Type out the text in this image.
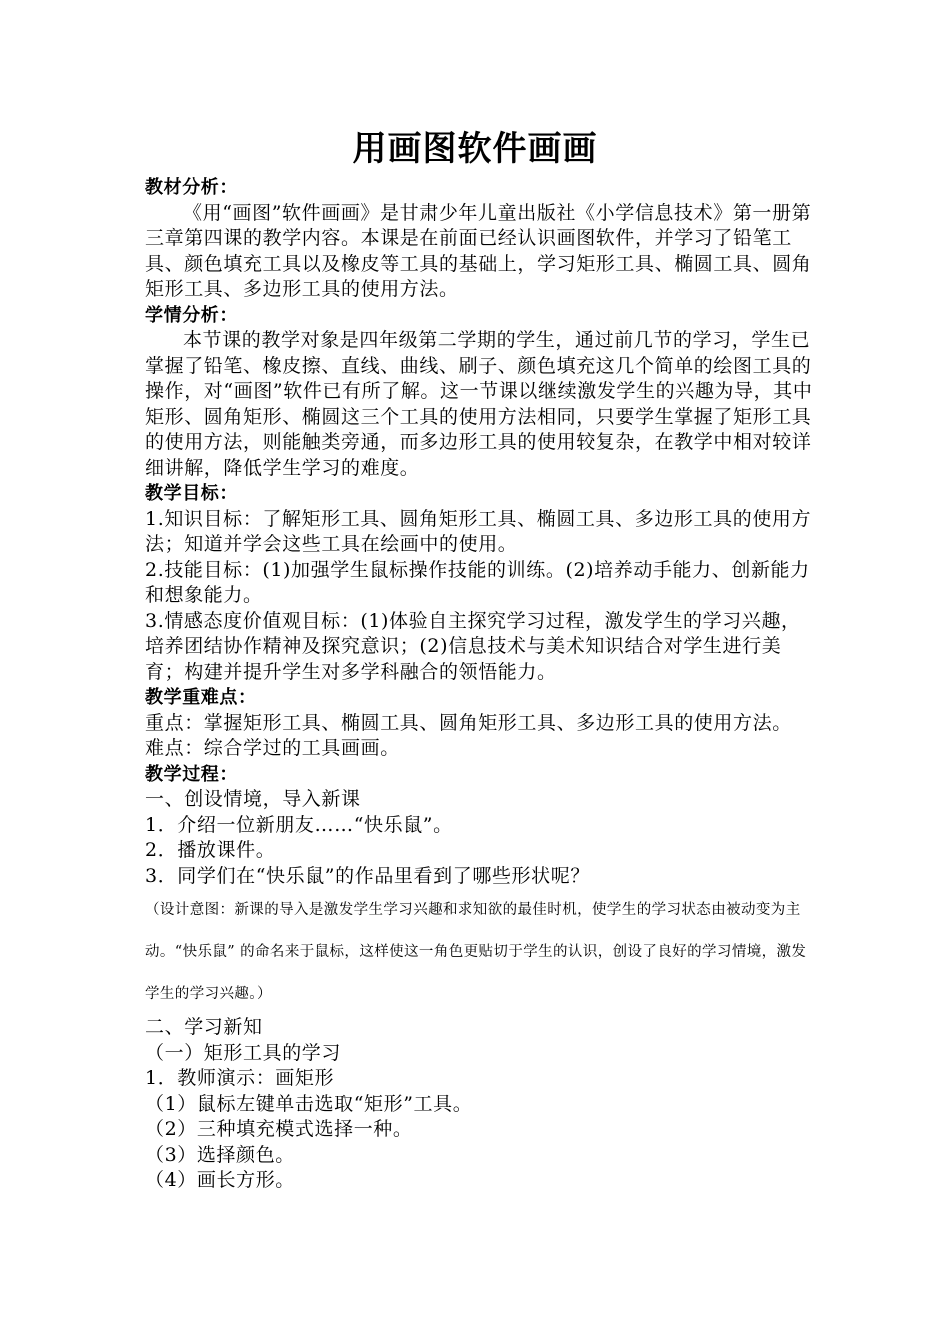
用画图软件画画

教材分析：

《用“画图”软件画画》是甘肃少年儿童出版社《小学信息技术》第一册第三章第四课的教学内容。本课是在前面已经认识画图软件，并学习了铅笔工具、颜色填充工具以及橡皮等工具的基础上，学习矩形工具、椭圆工具、圆角矩形工具、多边形工具的使用方法。

学情分析：

本节课的教学对象是四年级第二学期的学生，通过前几节的学习，学生已掌握了铅笔、橡皮擦、直线、曲线、刷子、颜色填充这几个简单的绘图工具的操作，对“画图”软件已有所了解。这一节课以继续激发学生的兴趣为导，其中矩形、圆角矩形、椭圆这三个工具的使用方法相同，只要学生掌握了矩形工具的使用方法，则能触类旁通，而多边形工具的使用较复杂，在教学中相对较详细讲解，降低学生学习的难度。

教学目标：

1.知识目标：了解矩形工具、圆角矩形工具、椭圆工具、多边形工具的使用方法；知道并学会这些工具在绘画中的使用。

2.技能目标：(1)加强学生鼠标操作技能的训练。(2)培养动手能力、创新能力和想象能力。

3.情感态度价值观目标：(1)体验自主探究学习过程，激发学生的学习兴趣，培养团结协作精神及探究意识；(2)信息技术与美术知识结合对学生进行美育；构建并提升学生对多学科融合的领悟能力。

教学重难点：

重点：掌握矩形工具、椭圆工具、圆角矩形工具、多边形工具的使用方法。

难点：综合学过的工具画画。

教学过程：

一、创设情境，导入新课

1．介绍一位新朋友……“快乐鼠”。

2．播放课件。

3．同学们在“快乐鼠”的作品里看到了哪些形状呢？

（设计意图：新课的导入是激发学生学习兴趣和求知欲的最佳时机，使学生的学习状态由被动变为主动。“快乐鼠” 的命名来于鼠标，这样使这一角色更贴切于学生的认识，创设了良好的学习情境，激发学生的学习兴趣。）

二、学习新知

（一）矩形工具的学习

1．教师演示：画矩形

（1）鼠标左键单击选取“矩形”工具。

（2）三种填充模式选择一种。

（3）选择颜色。

（4）画长方形。
